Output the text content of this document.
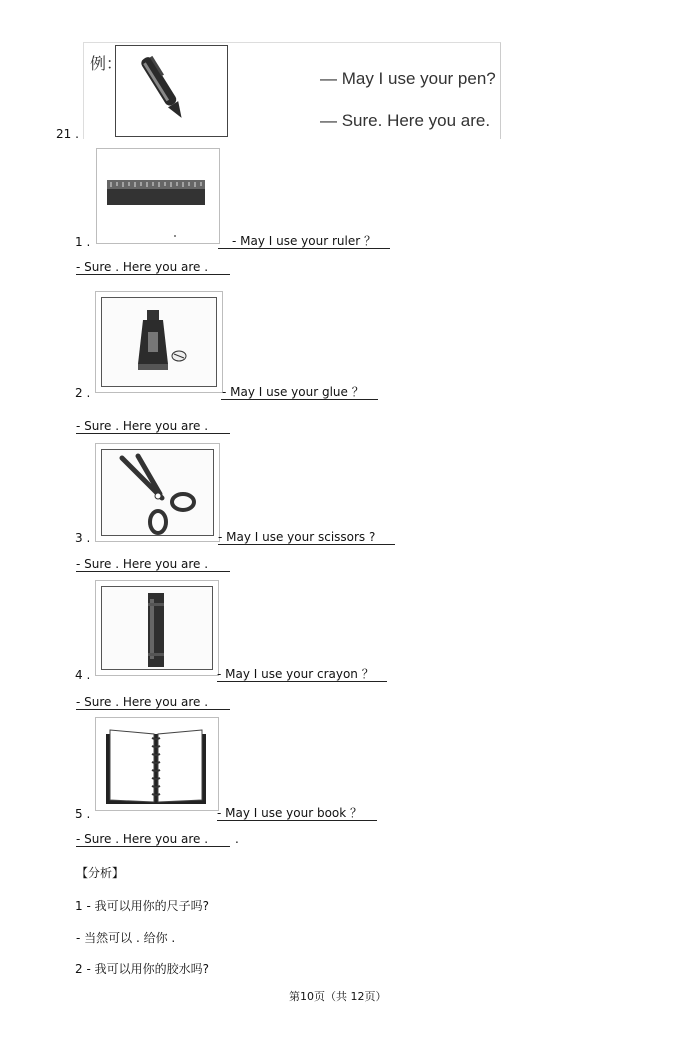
21 .
例：
— May I use your pen?
— Sure. Here you are.
1 .	- May I use your ruler ？
- Sure . Here you are .
2 .	- May I use your glue ？
- Sure . Here you are .
3 .	- May I use your scissors ?
- Sure . Here you are .
4 .	- May I use your crayon ？
- Sure . Here you are .
5 .	- May I use your book ？
- Sure . Here you are .	.
【分析】
1 - 我可以用你的尺子吗?
- 当然可以 . 给你 .
2 - 我可以用你的胶水吗?
第10页（共 12页）
